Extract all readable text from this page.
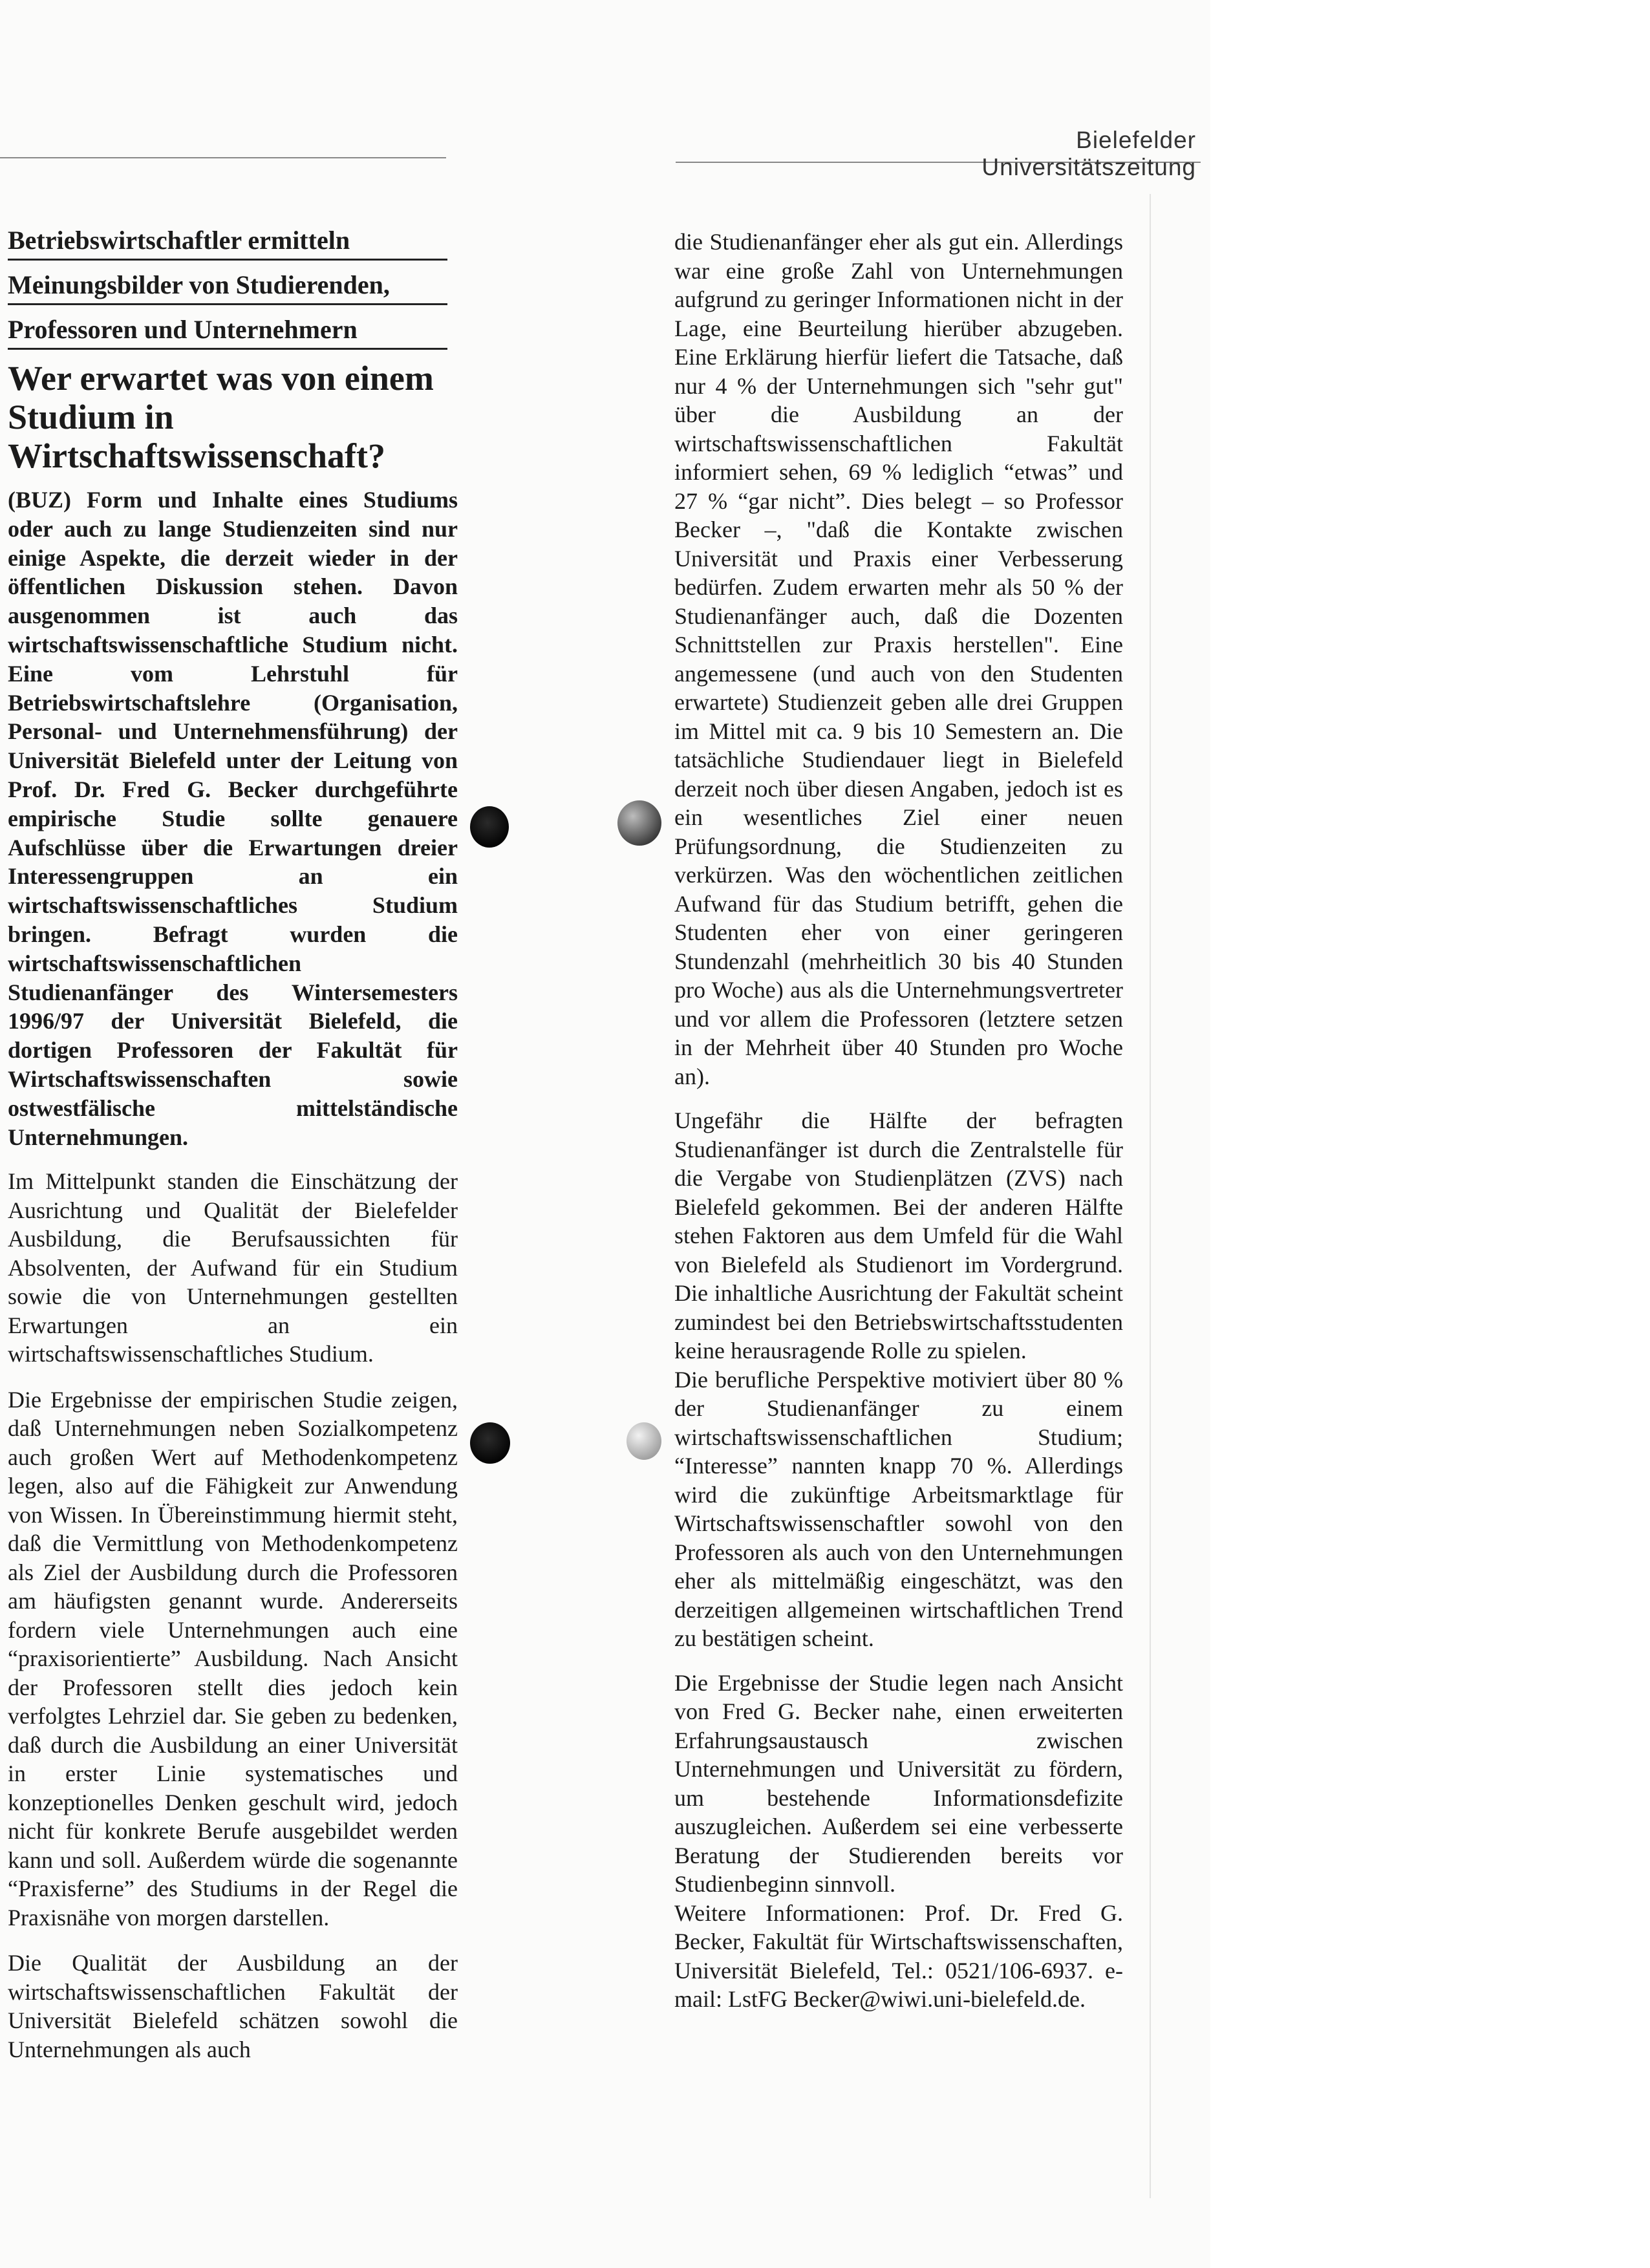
Bielefelder Universitätszeitung
Betriebswirtschaftler ermitteln
Meinungsbilder von Studierenden,
Professoren und Unternehmern
Wer erwartet was von einem Studium in Wirtschaftswissenschaft?

(BUZ) Form und Inhalte eines Studiums oder auch zu lange Studienzeiten sind nur einige Aspekte, die derzeit wieder in der öffentlichen Diskussion stehen. Davon ausgenommen ist auch das wirtschaftswissenschaftliche Studium nicht. Eine vom Lehrstuhl für Betriebswirtschaftslehre (Organisation, Personal- und Unternehmensführung) der Universität Bielefeld unter der Leitung von Prof. Dr. Fred G. Becker durchgeführte empirische Studie sollte genauere Aufschlüsse über die Erwartungen dreier Interessengruppen an ein wirtschaftswissenschaftliches Studium bringen. Befragt wurden die wirtschaftswissenschaftlichen Studienanfänger des Wintersemesters 1996/97 der Universität Bielefeld, die dortigen Professoren der Fakultät für Wirtschaftswissenschaften sowie ostwestfälische mittelständische Unternehmungen.

Im Mittelpunkt standen die Einschätzung der Ausrichtung und Qualität der Bielefelder Ausbildung, die Berufsaussichten für Absolventen, der Aufwand für ein Studium sowie die von Unternehmungen gestellten Erwartungen an ein wirtschaftswissenschaftliches Studium.

Die Ergebnisse der empirischen Studie zeigen, daß Unternehmungen neben Sozialkompetenz auch großen Wert auf Methodenkompetenz legen, also auf die Fähigkeit zur Anwendung von Wissen. In Übereinstimmung hiermit steht, daß die Vermittlung von Methodenkompetenz als Ziel der Ausbildung durch die Professoren am häufigsten genannt wurde. Andererseits fordern viele Unternehmungen auch eine “praxisorientierte” Ausbildung. Nach Ansicht der Professoren stellt dies jedoch kein verfolgtes Lehrziel dar. Sie geben zu bedenken, daß durch die Ausbildung an einer Universität in erster Linie systematisches und konzeptionelles Denken geschult wird, jedoch nicht für konkrete Berufe ausgebildet werden kann und soll. Außerdem würde die sogenannte “Praxisferne” des Studiums in der Regel die Praxisnähe von morgen darstellen.

Die Qualität der Ausbildung an der wirtschaftswissenschaftlichen Fakultät der Universität Bielefeld schätzen sowohl die Unternehmungen als auch

die Studienanfänger eher als gut ein. Allerdings war eine große Zahl von Unternehmungen aufgrund zu geringer Informationen nicht in der Lage, eine Beurteilung hierüber abzugeben. Eine Erklärung hierfür liefert die Tatsache, daß nur 4 % der Unternehmungen sich "sehr gut" über die Ausbildung an der wirtschaftswissenschaftlichen Fakultät informiert sehen, 69 % lediglich “etwas” und 27 % “gar nicht”. Dies belegt – so Professor Becker –, "daß die Kontakte zwischen Universität und Praxis einer Verbesserung bedürfen. Zudem erwarten mehr als 50 % der Studienanfänger auch, daß die Dozenten Schnittstellen zur Praxis herstellen". Eine angemessene (und auch von den Studenten erwartete) Studienzeit geben alle drei Gruppen im Mittel mit ca. 9 bis 10 Semestern an. Die tatsächliche Studiendauer liegt in Bielefeld derzeit noch über diesen Angaben, jedoch ist es ein wesentliches Ziel einer neuen Prüfungsordnung, die Studienzeiten zu verkürzen. Was den wöchentlichen zeitlichen Aufwand für das Studium betrifft, gehen die Studenten eher von einer geringeren Stundenzahl (mehrheitlich 30 bis 40 Stunden pro Woche) aus als die Unternehmungsvertreter und vor allem die Professoren (letztere setzen in der Mehrheit über 40 Stunden pro Woche an).

Ungefähr die Hälfte der befragten Studienanfänger ist durch die Zentralstelle für die Vergabe von Studienplätzen (ZVS) nach Bielefeld gekommen. Bei der anderen Hälfte stehen Faktoren aus dem Umfeld für die Wahl von Bielefeld als Studienort im Vordergrund. Die inhaltliche Ausrichtung der Fakultät scheint zumindest bei den Betriebswirtschaftsstudenten keine herausragende Rolle zu spielen.

Die berufliche Perspektive motiviert über 80 % der Studienanfänger zu einem wirtschaftswissenschaftlichen Studium; “Interesse” nannten knapp 70 %. Allerdings wird die zukünftige Arbeitsmarktlage für Wirtschaftswissenschaftler sowohl von den Professoren als auch von den Unternehmungen eher als mittelmäßig eingeschätzt, was den derzeitigen allgemeinen wirtschaftlichen Trend zu bestätigen scheint.

Die Ergebnisse der Studie legen nach Ansicht von Fred G. Becker nahe, einen erweiterten Erfahrungsaustausch zwischen Unternehmungen und Universität zu fördern, um bestehende Informationsdefizite auszugleichen. Außerdem sei eine verbesserte Beratung der Studierenden bereits vor Studienbeginn sinnvoll.

Weitere Informationen: Prof. Dr. Fred G. Becker, Fakultät für Wirtschaftswissenschaften, Universität Bielefeld, Tel.: 0521/106-6937. e-mail: LstFG Becker@wiwi.uni-bielefeld.de.
